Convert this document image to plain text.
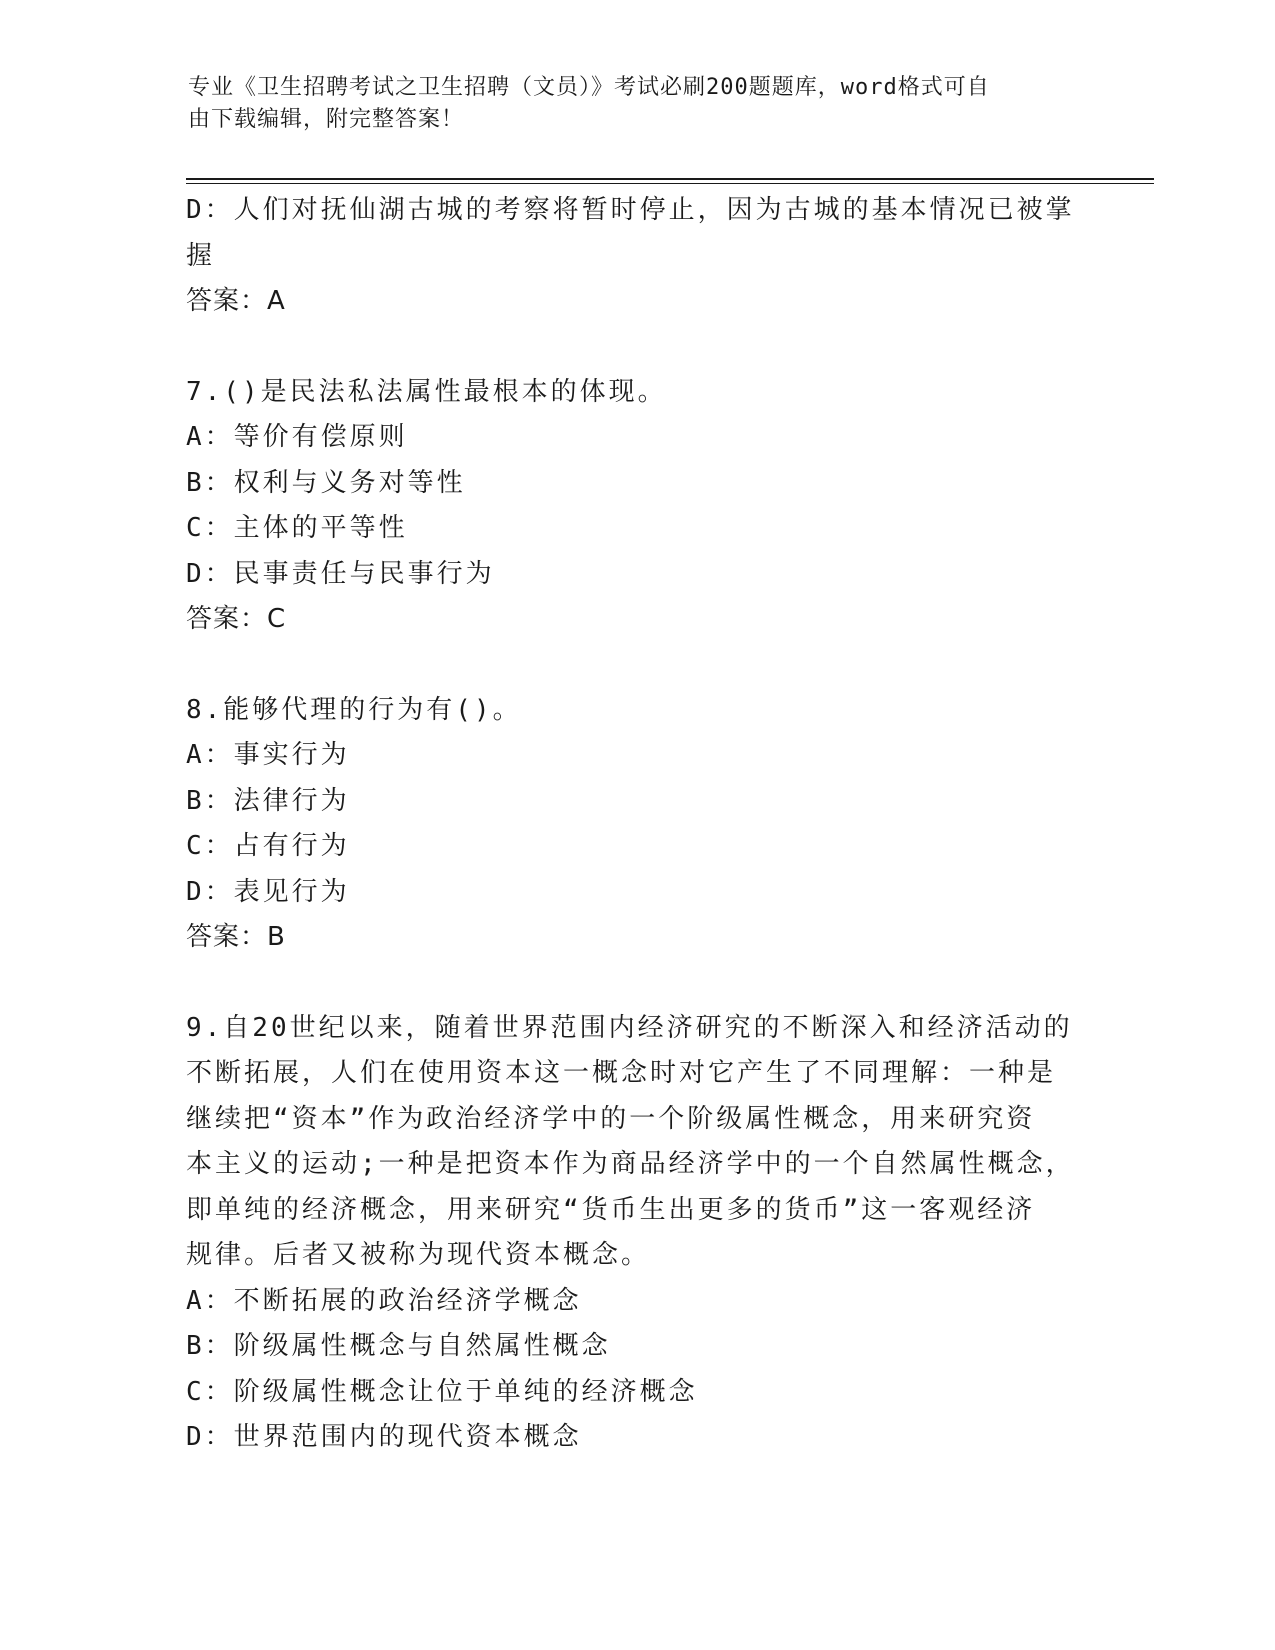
专业《卫生招聘考试之卫生招聘（文员）》考试必刷200题题库，word格式可自
由下载编辑，附完整答案！
D：人们对抚仙湖古城的考察将暂时停止，因为古城的基本情况已被掌
握
答案：A
7.()是民法私法属性最根本的体现。
A：等价有偿原则
B：权利与义务对等性
C：主体的平等性
D：民事责任与民事行为
答案：C
8.能够代理的行为有()。
A：事实行为
B：法律行为
C：占有行为
D：表见行为
答案：B
9.自20世纪以来，随着世界范围内经济研究的不断深入和经济活动的
不断拓展，人们在使用资本这一概念时对它产生了不同理解：一种是
继续把“资本”作为政治经济学中的一个阶级属性概念，用来研究资
本主义的运动;一种是把资本作为商品经济学中的一个自然属性概念，
即单纯的经济概念，用来研究“货币生出更多的货币”这一客观经济
规律。后者又被称为现代资本概念。
A：不断拓展的政治经济学概念
B：阶级属性概念与自然属性概念
C：阶级属性概念让位于单纯的经济概念
D：世界范围内的现代资本概念
